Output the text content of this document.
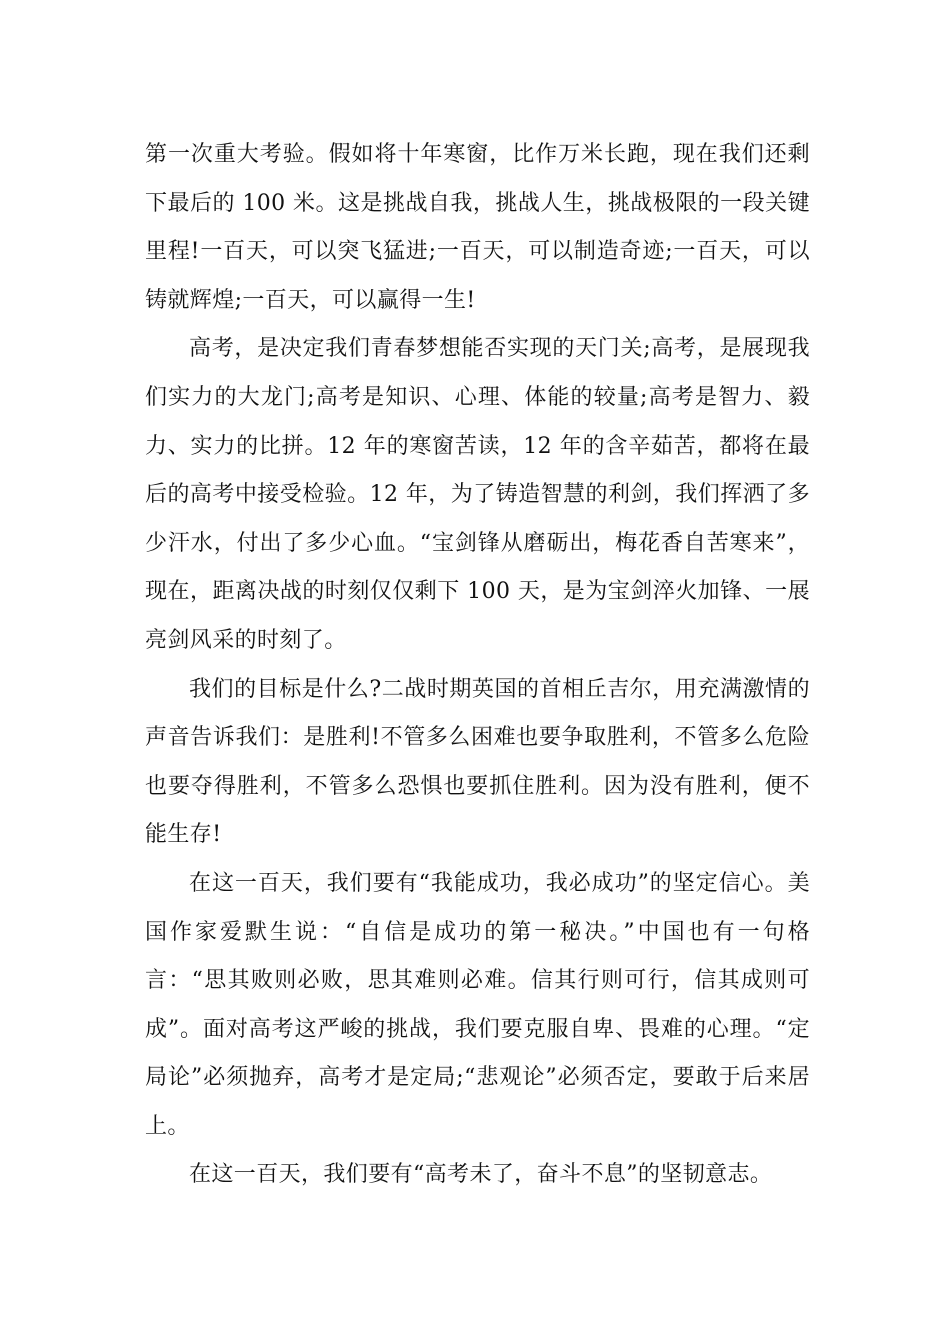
第一次重大考验。假如将十年寒窗，比作万米长跑，现在我们还剩下最后的 100 米。这是挑战自我，挑战人生，挑战极限的一段关键里程!一百天，可以突飞猛进;一百天，可以制造奇迹;一百天，可以铸就辉煌;一百天，可以赢得一生!

高考，是决定我们青春梦想能否实现的天门关;高考，是展现我们实力的大龙门;高考是知识、心理、体能的较量;高考是智力、毅力、实力的比拼。12 年的寒窗苦读，12 年的含辛茹苦，都将在最后的高考中接受检验。12 年，为了铸造智慧的利剑，我们挥洒了多少汗水，付出了多少心血。“宝剑锋从磨砺出，梅花香自苦寒来”，现在，距离决战的时刻仅仅剩下 100 天，是为宝剑淬火加锋、一展亮剑风采的时刻了。

我们的目标是什么?二战时期英国的首相丘吉尔，用充满激情的声音告诉我们：是胜利!不管多么困难也要争取胜利，不管多么危险也要夺得胜利，不管多么恐惧也要抓住胜利。因为没有胜利，便不能生存!

在这一百天，我们要有“我能成功，我必成功”的坚定信心。美国作家爱默生说：“自信是成功的第一秘决。”中国也有一句格言：“思其败则必败，思其难则必难。信其行则可行，信其成则可成”。面对高考这严峻的挑战，我们要克服自卑、畏难的心理。“定局论”必须抛弃，高考才是定局;“悲观论”必须否定，要敢于后来居上。

在这一百天，我们要有“高考未了，奋斗不息”的坚韧意志。
